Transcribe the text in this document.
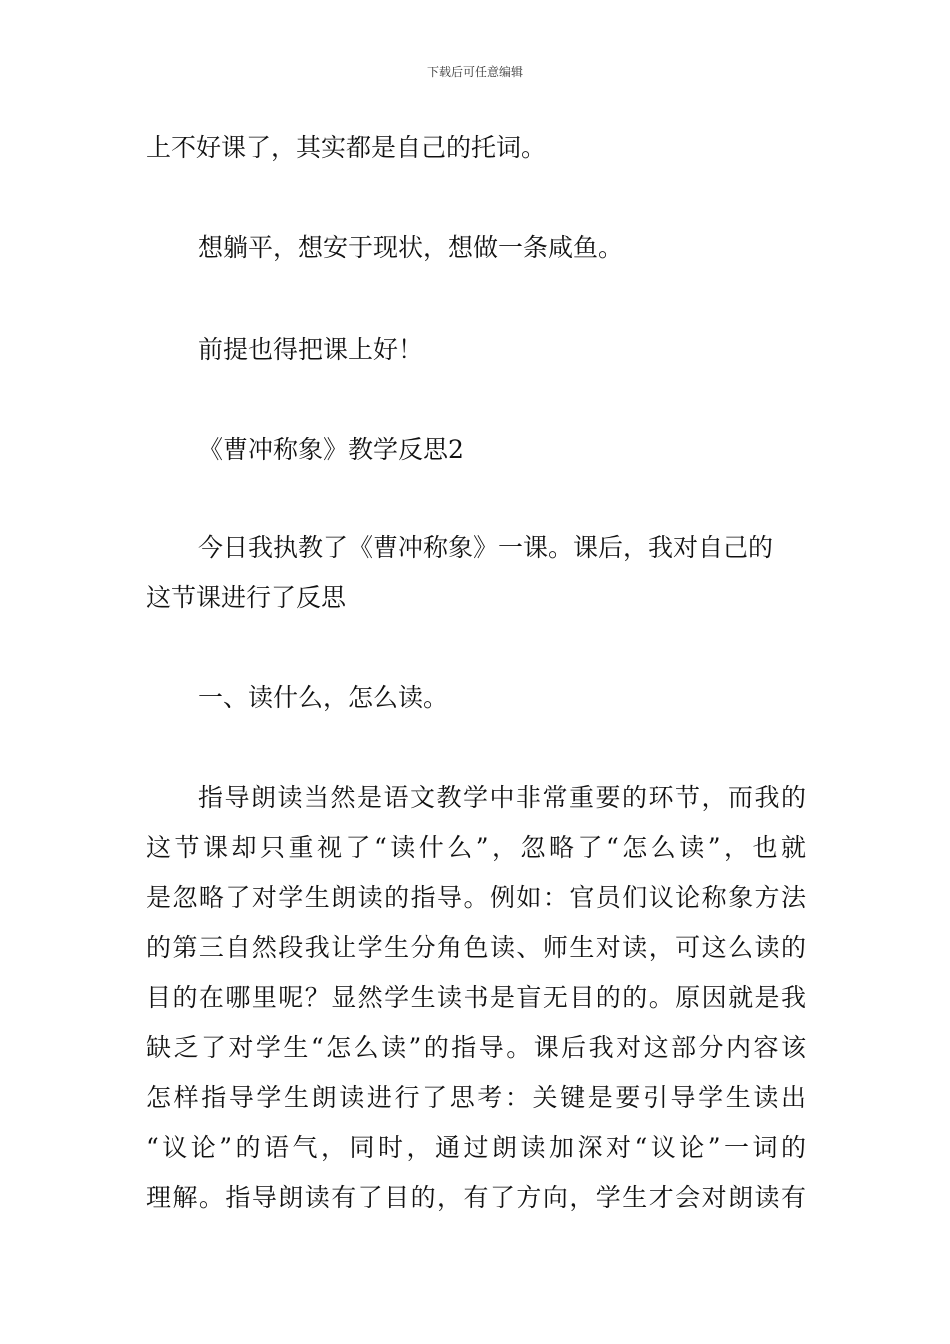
下载后可任意编辑
上不好课了，其实都是自己的托词。
想躺平，想安于现状，想做一条咸鱼。
前提也得把课上好！
《曹冲称象》教学反思2
今日我执教了《曹冲称象》一课。课后，我对自己的
这节课进行了反思
一、读什么，怎么读。
指导朗读当然是语文教学中非常重要的环节，而我的
这节课却只重视了“读什么”，忽略了“怎么读”，也就
是忽略了对学生朗读的指导。例如：官员们议论称象方法
的第三自然段我让学生分角色读、师生对读，可这么读的
目的在哪里呢？显然学生读书是盲无目的的。原因就是我
缺乏了对学生“怎么读”的指导。课后我对这部分内容该
怎样指导学生朗读进行了思考：关键是要引导学生读出
“议论”的语气，同时，通过朗读加深对“议论”一词的
理解。指导朗读有了目的，有了方向，学生才会对朗读有
